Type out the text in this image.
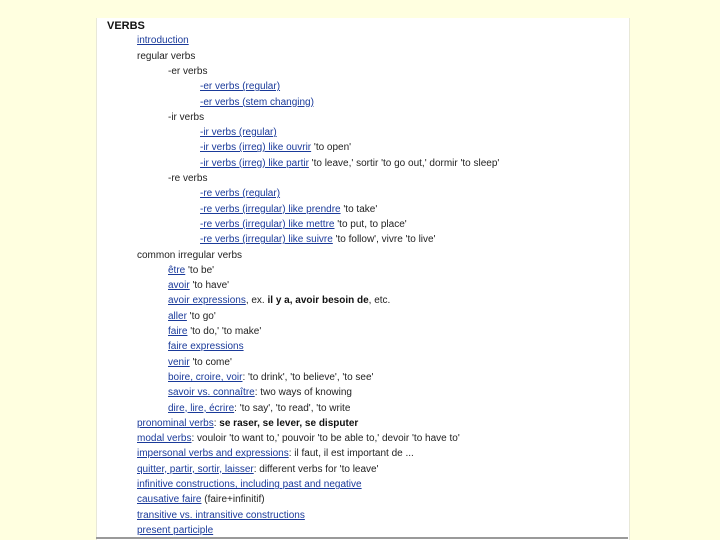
VERBS
introduction
regular verbs
-er verbs
-er verbs (regular)
-er verbs (stem changing)
-ir verbs
-ir verbs (regular)
-ir verbs (irreg) like ouvrir 'to open'
-ir verbs (irreg) like partir 'to leave,' sortir 'to go out,' dormir 'to sleep'
-re verbs
-re verbs (regular)
-re verbs (irregular) like prendre 'to take'
-re verbs (irregular) like mettre 'to put, to place'
-re verbs (irregular) like suivre 'to follow', vivre 'to live'
common irregular verbs
être 'to be'
avoir 'to have'
avoir expressions, ex. il y a, avoir besoin de, etc.
aller 'to go'
faire 'to do,' 'to make'
faire expressions
venir 'to come'
boire, croire, voir: 'to drink', 'to believe', 'to see'
savoir vs. connaître: two ways of knowing
dire, lire, écrire: 'to say', 'to read', 'to write
pronominal verbs: se raser, se lever, se disputer
modal verbs: vouloir 'to want to,' pouvoir 'to be able to,' devoir 'to have to'
impersonal verbs and expressions: il faut, il est important de ...
quitter, partir, sortir, laisser: different verbs for 'to leave'
infinitive constructions, including past and negative
causative faire (faire+infinitif)
transitive vs. intransitive constructions
present participle
